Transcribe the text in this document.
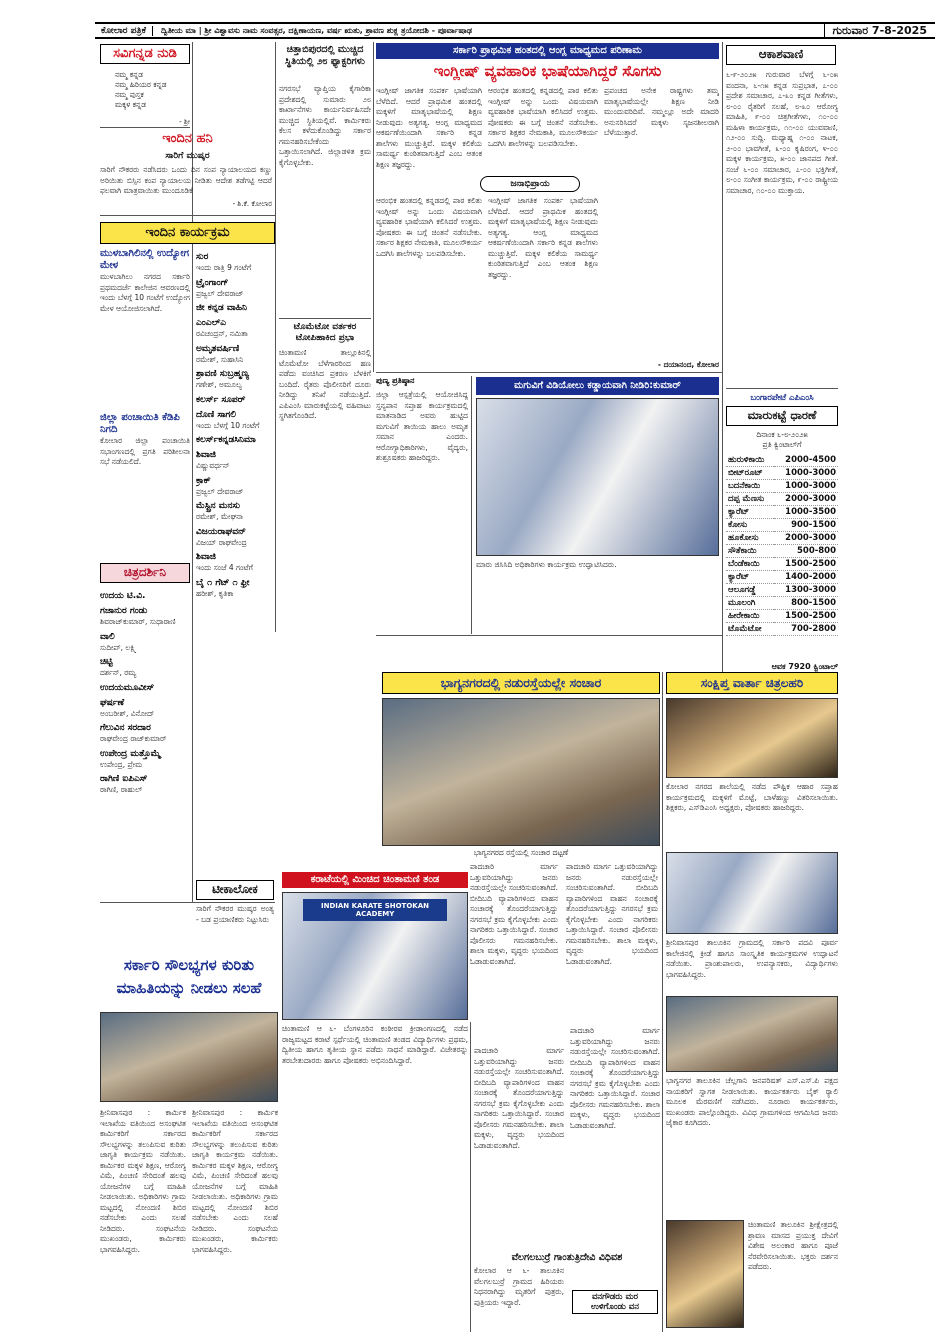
ಕೋಲಾರ ಪತ್ರಿಕೆ	ದ್ವಿತೀಯ ಮಾ | ಶ್ರೀ ವಿಶ್ವಾವಸು ನಾಮ ಸಂವತ್ಸರ, ದಕ್ಷಿಣಾಯಣ, ವರ್ಷ ಋತು, ಶ್ರಾವಣ ಶುಕ್ಲ ತ್ರಯೋದಶಿ - ಪೂರ್ವಾಷಾಢ	ಗುರುವಾರ 7-8-2025
ಸವಿಗನ್ನಡ ನುಡಿ
ನಮ್ಮ ಕನ್ನಡ
ನಮ್ಮ ಹಿರಿಯರ ಕನ್ನಡ
ನಮ್ಮ ಪುಸ್ತಕ
ಮಕ್ಕಳ ಕನ್ನಡ
- ಶ್ರೀ
ಇಂದಿನ ಹನಿ
ಸಾರಿಗೆ ಮುಷ್ಕರ
ಸಾರಿಗೆ ನೌಕರರು ನಡೆಸಿದರು ಒಂದು ದಿನ ಸಂಪ ನ್ಯಾಯಾಲಯದ ಕಣ್ಣು ಅರಿಯಿತು ಬಿಸ್ಸಿನ ಕಂಪ ನ್ಯಾಯಾಲಯ ನೀಡಿತು ಆದೇಶ ತಡೆಗಟ್ಟಿ ಆದರೆ ಫಲವಾಗಿ ಮಾತ್ರವಾಯಿತು ಮುಂದೂಡಿಕೆ
- ಶಿ.ಕೆ. ಕೋಲಾರ
ಇಂದಿನ ಕಾರ್ಯಕ್ರಮ
ಮುಳಬಾಗಿಲಿನಲ್ಲಿ ಉದ್ಯೋಗ ಮೇಳ
ಮುಳಬಾಗಿಲು ನಗರದ ಸರ್ಕಾರಿ ಪ್ರಥಮದರ್ಜೆ ಕಾಲೇಜಿನ ಆವರಣದಲ್ಲಿ ಇಂದು ಬೆಳಗ್ಗೆ 10 ಗಂಟೆಗೆ ಉದ್ಯೋಗ ಮೇಳ ಆಯೋಜಿಸಲಾಗಿದೆ.
ಜಿಲ್ಲಾ ಪಂಚಾಯಿತಿ ಕೆಡಿಪಿ ನಿಗದಿ
ಕೋಲಾರ ಜಿಲ್ಲಾ ಪಂಚಾಯಿತಿ ಸಭಾಂಗಣದಲ್ಲಿ ಪ್ರಗತಿ ಪರಿಶೀಲನಾ ಸಭೆ ನಡೆಯಲಿದೆ.
ಚಿತ್ರದರ್ಶಿನಿ
ಉದಯ ಟಿ.ವಿ.
ಗಜಾನುರ ಗಂಡು
ಶಿವರಾಜ್‌ಕುಮಾರ್, ಸುಧಾರಾಣಿ
ವಾಲಿ
ಸುದೀಪ್, ಲಕ್ಷ್ಮಿ
ಚಿಟ್ಟಿ
ದರ್ಶನ್, ರಮ್ಯ
ಉದಯಮೂವೀಸ್
ಘರ್ಷಣೆ
ಅಂಬರೀಶ್, ವಿನೋದ್
ಗೆಲುವಿನ ಸರದಾರ
ರಾಘವೇಂದ್ರ ರಾಜ್‌ಕುಮಾರ್
ಉಪೇಂದ್ರ ಮತ್ತೊಮ್ಮೆ
ಉಪೇಂದ್ರ, ಪ್ರೇಮ
ರಾಗಿಣಿ ಐಪಿಎಸ್
ರಾಗಿಣಿ, ರಾಹುಲ್
ಸುರ
ಇಂದು ರಾತ್ರಿ 9 ಗಂಟೆಗೆ
ಟ್ರೈಂಗಾಂಗ್
ಪ್ರಜ್ವಲ್ ದೇವರಾಜ್
ಜೀ ಕನ್ನಡ ವಾಹಿನಿ
ಎಂಎಲ್‌ಎ
ರವಿಚಂದ್ರನ್, ನಮಿತಾ
ಅಮೃತವರ್ಷಿಣಿ
ರಮೇಶ್, ಸುಹಾಸಿನಿ
ಶ್ರಾವಣಿ ಸುಬ್ರಹ್ಮಣ್ಯ
ಗಣೇಶ್, ಅಮೂಲ್ಯ
ಕಲರ್ಸ್ ಸೂಪರ್
ದೊಣಿ ಸಾಗಲಿ
ಇಂದು ಬೆಳಗ್ಗೆ 10 ಗಂಟೆಗೆ
ಕಲರ್ಸ್‌ಕನ್ನಡಸಿನಿಮಾ
ಶಿವಾಜಿ
ವಿಷ್ಣುವರ್ಧನ್
ಕ್ರಾಕ್
ಪ್ರಜ್ವಲ್ ದೇವರಾಜ್
ಮೆಸ್ಟ್ರಿನ ಮನಸು
ರಮೇಶ್, ಮೇಘನಾ
ವಿಜಯರಾಘವನ್
ವಿಜಯ್ ರಾಘವೇಂದ್ರ
ಶಿವಾಜಿ
ಇಂದು ಸಂಜೆ 4 ಗಂಟೆಗೆ
ಬೈ ೧ ಗೆಟ್ ೧ ಫ್ರೀ
ಹರೀಶ್, ಕೃತಿಕಾ
ಟೀಕಾಲೋಕ
ಸಾರಿಗೆ ನೌಕರರ ಮುಷ್ಕರ ಅಂತ್ಯ - ಬಡ ಪ್ರಯಾಣಿಕರು ನಿಟ್ಟುಸಿರು
ಚಿತ್ತಾಬಿಪುರದಲ್ಲಿ ಮುಚ್ಚಿದ ಸ್ಥಿತಿಯಲ್ಲಿ ೨೮ ಫ್ಯಾಕ್ಟರಿಗಳು
ನಗರಸಭೆ ವ್ಯಾಪ್ತಿಯ ಕೈಗಾರಿಕಾ ಪ್ರದೇಶದಲ್ಲಿ ಸುಮಾರು ೨೮ ಕಾರ್ಖಾನೆಗಳು ಕಾರ್ಯನಿರ್ವಹಿಸದೇ ಮುಚ್ಚಿದ ಸ್ಥಿತಿಯಲ್ಲಿವೆ. ಕಾರ್ಮಿಕರು ಕೆಲಸ ಕಳೆದುಕೊಂಡಿದ್ದು ಸರ್ಕಾರ ಗಮನಹರಿಸಬೇಕೆಂದು ಒತ್ತಾಯಿಸಲಾಗಿದೆ. ಜಿಲ್ಲಾಡಳಿತ ಕ್ರಮ ಕೈಗೊಳ್ಳಬೇಕು.
ಟೊಮೆಟೋ ವರ್ತಕರ ಟೋಪಿಹಾಕಿದ ಪ್ರಭಾ
ಚಿಂತಾಮಣಿ ತಾಲ್ಲೂಕಿನಲ್ಲಿ ಟೊಮೆಟೋ ಬೆಳೆಗಾರರಿಂದ ಹಣ ಪಡೆದು ವಂಚಿಸಿದ ಪ್ರಕರಣ ಬೆಳಕಿಗೆ ಬಂದಿದೆ. ರೈತರು ಪೊಲೀಸರಿಗೆ ದೂರು ನೀಡಿದ್ದು ತನಿಖೆ ನಡೆಯುತ್ತಿದೆ. ಎಪಿಎಂಸಿ ಮಾರುಕಟ್ಟೆಯಲ್ಲಿ ವಹಿವಾಟು ಸ್ಥಗಿತಗೊಂಡಿದೆ.
ಸರ್ಕಾರಿ ಪ್ರಾಥಮಿಕ ಹಂತದಲ್ಲಿ ಆಂಗ್ಲ ಮಾಧ್ಯಮದ ಪರಿಣಾಮ
ಇಂಗ್ಲೀಷ್ ವ್ಯವಹಾರಿಕ ಭಾಷೆಯಾಗಿದ್ದರೆ ಸೊಗಸು
ಇಂಗ್ಲೀಷ್ ಜಾಗತಿಕ ಸಂಪರ್ಕ ಭಾಷೆಯಾಗಿ ಬೆಳೆದಿದೆ. ಆದರೆ ಪ್ರಾಥಮಿಕ ಹಂತದಲ್ಲಿ ಮಕ್ಕಳಿಗೆ ಮಾತೃಭಾಷೆಯಲ್ಲಿ ಶಿಕ್ಷಣ ನೀಡುವುದು ಅತ್ಯಗತ್ಯ. ಆಂಗ್ಲ ಮಾಧ್ಯಮದ ಆಕರ್ಷಣೆಯಿಂದಾಗಿ ಸರ್ಕಾರಿ ಕನ್ನಡ ಶಾಲೆಗಳು ಮುಚ್ಚುತ್ತಿವೆ. ಮಕ್ಕಳ ಕಲಿಕೆಯ ಸಾಮರ್ಥ್ಯ ಕುಂಠಿತವಾಗುತ್ತಿದೆ ಎಂಬ ಆತಂಕ ಶಿಕ್ಷಣ ತಜ್ಞರದ್ದು.
ಜನಾಭಿಪ್ರಾಯ
ಆರಂಭಿಕ ಹಂತದಲ್ಲಿ ಕನ್ನಡದಲ್ಲಿ ಪಾಠ ಕಲಿತು ಇಂಗ್ಲೀಷ್ ಅನ್ನು ಒಂದು ವಿಷಯವಾಗಿ ವ್ಯವಹಾರಿಕ ಭಾಷೆಯಾಗಿ ಕಲಿಸಿದರೆ ಉತ್ತಮ. ಪೋಷಕರು ಈ ಬಗ್ಗೆ ಚಿಂತನೆ ನಡೆಸಬೇಕು. ಸರ್ಕಾರ ಶಿಕ್ಷಕರ ನೇಮಕಾತಿ, ಮೂಲಸೌಕರ್ಯ ಒದಗಿಸಿ ಶಾಲೆಗಳನ್ನು ಬಲಪಡಿಸಬೇಕು.
ಆರಂಭಿಕ ಹಂತದಲ್ಲಿ ಕನ್ನಡದಲ್ಲಿ ಪಾಠ ಕಲಿತು ಇಂಗ್ಲೀಷ್ ಅನ್ನು ಒಂದು ವಿಷಯವಾಗಿ ವ್ಯವಹಾರಿಕ ಭಾಷೆಯಾಗಿ ಕಲಿಸಿದರೆ ಉತ್ತಮ. ಪೋಷಕರು ಈ ಬಗ್ಗೆ ಚಿಂತನೆ ನಡೆಸಬೇಕು. ಸರ್ಕಾರ ಶಿಕ್ಷಕರ ನೇಮಕಾತಿ, ಮೂಲಸೌಕರ್ಯ ಒದಗಿಸಿ ಶಾಲೆಗಳನ್ನು ಬಲಪಡಿಸಬೇಕು.
ಇಂಗ್ಲೀಷ್ ಜಾಗತಿಕ ಸಂಪರ್ಕ ಭಾಷೆಯಾಗಿ ಬೆಳೆದಿದೆ. ಆದರೆ ಪ್ರಾಥಮಿಕ ಹಂತದಲ್ಲಿ ಮಕ್ಕಳಿಗೆ ಮಾತೃಭಾಷೆಯಲ್ಲಿ ಶಿಕ್ಷಣ ನೀಡುವುದು ಅತ್ಯಗತ್ಯ. ಆಂಗ್ಲ ಮಾಧ್ಯಮದ ಆಕರ್ಷಣೆಯಿಂದಾಗಿ ಸರ್ಕಾರಿ ಕನ್ನಡ ಶಾಲೆಗಳು ಮುಚ್ಚುತ್ತಿವೆ. ಮಕ್ಕಳ ಕಲಿಕೆಯ ಸಾಮರ್ಥ್ಯ ಕುಂಠಿತವಾಗುತ್ತಿದೆ ಎಂಬ ಆತಂಕ ಶಿಕ್ಷಣ ತಜ್ಞರದ್ದು.
ಪ್ರಪಂಚದ ಅನೇಕ ರಾಷ್ಟ್ರಗಳು ತಮ್ಮ ಮಾತೃಭಾಷೆಯಲ್ಲೇ ಶಿಕ್ಷಣ ನೀಡಿ ಮುಂದುವರಿದಿವೆ. ನಮ್ಮಲ್ಲೂ ಅದೇ ಮಾದರಿ ಅನುಸರಿಸಿದರೆ ಮಕ್ಕಳು ಸೃಜನಶೀಲರಾಗಿ ಬೆಳೆಯುತ್ತಾರೆ.
- ದಯಾನಂದ, ಕೋಲಾರ
ಪುಣ್ಯ ಪ್ರತಿಷ್ಠಾನ
ಜಿಲ್ಲಾ ಆಸ್ಪತ್ರೆಯಲ್ಲಿ ಆಯೋಜಿಸಿದ್ದ ಸ್ತನ್ಯಪಾನ ಸಪ್ತಾಹ ಕಾರ್ಯಕ್ರಮದಲ್ಲಿ ಮಾತನಾಡಿದ ಅವರು ಹುಟ್ಟಿದ ಮಗುವಿಗೆ ತಾಯಿಯ ಹಾಲು ಅಮೃತ ಸಮಾನ ಎಂದರು. ಆರೋಗ್ಯಾಧಿಕಾರಿಗಳು, ವೈದ್ಯರು, ಶುಶ್ರೂಷಕರು ಹಾಜರಿದ್ದರು.
ಮಗುವಿಗೆ ವಿಡಿಯೋಲು ಕಡ್ಡಾಯವಾಗಿ ನೀಡಿರಿ:ಕುಮಾರ್
ಮಾರು ಜಿಸಿಸಿದಿ ಅಧಿಕಾರಿಗಳು ಕಾರ್ಯಕ್ರಮ ಉದ್ಘಾಟಿಸಿದರು.
ಭಾಗ್ಯನಗರದಲ್ಲಿ ನಡುರಸ್ತೆಯಲ್ಲೇ ಸಂಚಾರ
ಭಾಗ್ಯನಗರದ ರಸ್ತೆಯಲ್ಲಿ ಸಂಚಾರ ದಟ್ಟಣೆ
ಪಾದಚಾರಿ ಮಾರ್ಗ ಒತ್ತುವರಿಯಾಗಿದ್ದು ಜನರು ನಡುರಸ್ತೆಯಲ್ಲೇ ಸಂಚರಿಸುವಂತಾಗಿದೆ. ಬೀದಿಬದಿ ವ್ಯಾಪಾರಿಗಳಿಂದ ವಾಹನ ಸಂಚಾರಕ್ಕೆ ತೊಂದರೆಯಾಗುತ್ತಿದ್ದು ನಗರಸಭೆ ಕ್ರಮ ಕೈಗೊಳ್ಳಬೇಕು ಎಂದು ನಾಗರಿಕರು ಒತ್ತಾಯಿಸಿದ್ದಾರೆ. ಸಂಚಾರ ಪೊಲೀಸರು ಗಮನಹರಿಸಬೇಕು. ಶಾಲಾ ಮಕ್ಕಳು, ವೃದ್ಧರು ಭಯದಿಂದ ಓಡಾಡುವಂತಾಗಿದೆ.
ಪಾದಚಾರಿ ಮಾರ್ಗ ಒತ್ತುವರಿಯಾಗಿದ್ದು ಜನರು ನಡುರಸ್ತೆಯಲ್ಲೇ ಸಂಚರಿಸುವಂತಾಗಿದೆ. ಬೀದಿಬದಿ ವ್ಯಾಪಾರಿಗಳಿಂದ ವಾಹನ ಸಂಚಾರಕ್ಕೆ ತೊಂದರೆಯಾಗುತ್ತಿದ್ದು ನಗರಸಭೆ ಕ್ರಮ ಕೈಗೊಳ್ಳಬೇಕು ಎಂದು ನಾಗರಿಕರು ಒತ್ತಾಯಿಸಿದ್ದಾರೆ. ಸಂಚಾರ ಪೊಲೀಸರು ಗಮನಹರಿಸಬೇಕು. ಶಾಲಾ ಮಕ್ಕಳು, ವೃದ್ಧರು ಭಯದಿಂದ ಓಡಾಡುವಂತಾಗಿದೆ.
ಕರಾಟೆಯಲ್ಲಿ ಮಿಂಚಿದ ಚಿಂತಾಮಣಿ ತಂಡ
INDIAN KARATE SHOTOKAN ACADEMY
ಚಿಂತಾಮಣಿ ಆ ೬- ಬೆಂಗಳೂರಿನ ಕಂಠೀರವ ಕ್ರೀಡಾಂಗಣದಲ್ಲಿ ನಡೆದ ರಾಜ್ಯಮಟ್ಟದ ಕರಾಟೆ ಸ್ಪರ್ಧೆಯಲ್ಲಿ ಚಿಂತಾಮಣಿ ತಂಡದ ವಿದ್ಯಾರ್ಥಿಗಳು ಪ್ರಥಮ, ದ್ವಿತೀಯ ಹಾಗೂ ತೃತೀಯ ಸ್ಥಾನ ಪಡೆದು ಸಾಧನೆ ಮಾಡಿದ್ದಾರೆ. ವಿಜೇತರನ್ನು ತರಬೇತುದಾರರು ಹಾಗೂ ಪೋಷಕರು ಅಭಿನಂದಿಸಿದ್ದಾರೆ.
ಪಾದಚಾರಿ ಮಾರ್ಗ ಒತ್ತುವರಿಯಾಗಿದ್ದು ಜನರು ನಡುರಸ್ತೆಯಲ್ಲೇ ಸಂಚರಿಸುವಂತಾಗಿದೆ. ಬೀದಿಬದಿ ವ್ಯಾಪಾರಿಗಳಿಂದ ವಾಹನ ಸಂಚಾರಕ್ಕೆ ತೊಂದರೆಯಾಗುತ್ತಿದ್ದು ನಗರಸಭೆ ಕ್ರಮ ಕೈಗೊಳ್ಳಬೇಕು ಎಂದು ನಾಗರಿಕರು ಒತ್ತಾಯಿಸಿದ್ದಾರೆ. ಸಂಚಾರ ಪೊಲೀಸರು ಗಮನಹರಿಸಬೇಕು. ಶಾಲಾ ಮಕ್ಕಳು, ವೃದ್ಧರು ಭಯದಿಂದ ಓಡಾಡುವಂತಾಗಿದೆ.
ಪಾದಚಾರಿ ಮಾರ್ಗ ಒತ್ತುವರಿಯಾಗಿದ್ದು ಜನರು ನಡುರಸ್ತೆಯಲ್ಲೇ ಸಂಚರಿಸುವಂತಾಗಿದೆ. ಬೀದಿಬದಿ ವ್ಯಾಪಾರಿಗಳಿಂದ ವಾಹನ ಸಂಚಾರಕ್ಕೆ ತೊಂದರೆಯಾಗುತ್ತಿದ್ದು ನಗರಸಭೆ ಕ್ರಮ ಕೈಗೊಳ್ಳಬೇಕು ಎಂದು ನಾಗರಿಕರು ಒತ್ತಾಯಿಸಿದ್ದಾರೆ. ಸಂಚಾರ ಪೊಲೀಸರು ಗಮನಹರಿಸಬೇಕು. ಶಾಲಾ ಮಕ್ಕಳು, ವೃದ್ಧರು ಭಯದಿಂದ ಓಡಾಡುವಂತಾಗಿದೆ.
ವೆಲಗಲಬುರ್ರೆ ಗಾಂತುತ್ರಿದೇವಿ ವಿಧಿವಶ
ಕೋಲಾರ ಆ ೬- ತಾಲೂಕಿನ ವೆಲಗಲಬುರ್ರೆ ಗ್ರಾಮದ ಹಿರಿಯರು ನಿಧನರಾಗಿದ್ದು ಮೃತರಿಗೆ ಪುತ್ರರು, ಪುತ್ರಿಯರು ಇದ್ದಾರೆ.	ವನಗೌಡರು ಮರ ಉಳಿಗೊಂಡು ವನ
ಸರ್ಕಾರಿ ಸೌಲಭ್ಯಗಳ ಕುರಿತು ಮಾಹಿತಿಯನ್ನು ನೀಡಲು ಸಲಹೆ
ಶ್ರೀನಿವಾಸಪುರ : ಕಾರ್ಮಿಕ ಇಲಾಖೆಯ ವತಿಯಿಂದ ಅಸಂಘಟಿತ ಕಾರ್ಮಿಕರಿಗೆ ಸರ್ಕಾರದ ಸೌಲಭ್ಯಗಳನ್ನು ತಲುಪಿಸುವ ಕುರಿತು ಜಾಗೃತಿ ಕಾರ್ಯಕ್ರಮ ನಡೆಯಿತು. ಕಾರ್ಮಿಕರ ಮಕ್ಕಳ ಶಿಕ್ಷಣ, ಆರೋಗ್ಯ ವಿಮೆ, ಪಿಂಚಣಿ ಸೇರಿದಂತೆ ಹಲವು ಯೋಜನೆಗಳ ಬಗ್ಗೆ ಮಾಹಿತಿ ನೀಡಲಾಯಿತು. ಅಧಿಕಾರಿಗಳು ಗ್ರಾಮ ಮಟ್ಟದಲ್ಲಿ ನೋಂದಣಿ ಶಿಬಿರ ನಡೆಸಬೇಕು ಎಂದು ಸಲಹೆ ನೀಡಿದರು. ಸಂಘಟನೆಯ ಮುಖಂಡರು, ಕಾರ್ಮಿಕರು ಭಾಗವಹಿಸಿದ್ದರು.
ಶ್ರೀನಿವಾಸಪುರ : ಕಾರ್ಮಿಕ ಇಲಾಖೆಯ ವತಿಯಿಂದ ಅಸಂಘಟಿತ ಕಾರ್ಮಿಕರಿಗೆ ಸರ್ಕಾರದ ಸೌಲಭ್ಯಗಳನ್ನು ತಲುಪಿಸುವ ಕುರಿತು ಜಾಗೃತಿ ಕಾರ್ಯಕ್ರಮ ನಡೆಯಿತು. ಕಾರ್ಮಿಕರ ಮಕ್ಕಳ ಶಿಕ್ಷಣ, ಆರೋಗ್ಯ ವಿಮೆ, ಪಿಂಚಣಿ ಸೇರಿದಂತೆ ಹಲವು ಯೋಜನೆಗಳ ಬಗ್ಗೆ ಮಾಹಿತಿ ನೀಡಲಾಯಿತು. ಅಧಿಕಾರಿಗಳು ಗ್ರಾಮ ಮಟ್ಟದಲ್ಲಿ ನೋಂದಣಿ ಶಿಬಿರ ನಡೆಸಬೇಕು ಎಂದು ಸಲಹೆ ನೀಡಿದರು. ಸಂಘಟನೆಯ ಮುಖಂಡರು, ಕಾರ್ಮಿಕರು ಭಾಗವಹಿಸಿದ್ದರು.
ಆಕಾಶವಾಣಿ
೬-೯-೨೦೨೫ ಗುರುವಾರ ಬೆಳಗ್ಗೆ ೬-೦೫ ವಂದನಾ, ೬-೧೫ ಕನ್ನಡ ಸುಪ್ರಭಾತ, ೭-೦೦ ಪ್ರದೇಶ ಸಮಾಚಾರ, ೭-೩೦ ಕನ್ನಡ ಗೀತೆಗಳು, ೮-೦೦ ರೈತರಿಗೆ ಸಲಹೆ, ೮-೩೦ ಆರೋಗ್ಯ ಮಾಹಿತಿ, ೯-೦೦ ಚಿತ್ರಗೀತೆಗಳು, ೧೦-೦೦ ಮಹಿಳಾ ಕಾರ್ಯಕ್ರಮ, ೧೧-೦೦ ಯುವವಾಣಿ, ೧೨-೦೦ ಸುದ್ದಿ. ಮಧ್ಯಾಹ್ನ ೧-೦೦ ನಾಟಕ, ೨-೦೦ ಭಾವಗೀತೆ, ೩-೦೦ ಕೃಷಿರಂಗ, ೪-೦೦ ಮಕ್ಕಳ ಕಾರ್ಯಕ್ರಮ, ೫-೦೦ ಜಾನಪದ ಗೀತೆ. ಸಂಜೆ ೬-೦೦ ಸಮಾಚಾರ, ೭-೦೦ ಭಕ್ತಿಗೀತೆ, ೮-೦೦ ಸಂಗೀತ ಕಾರ್ಯಕ್ರಮ, ೯-೦೦ ರಾಷ್ಟ್ರೀಯ ಸಮಾಚಾರ, ೧೦-೦೦ ಮುಕ್ತಾಯ.
ಬಂಗಾರಪೇಟೆ ಎಪಿಎಂಸಿ
ಮಾರುಕಟ್ಟೆ ಧಾರಣೆ
ದಿನಾಂಕ ೬-೮-೨೦೨೫
ಪ್ರತಿ ಕ್ವಿಂಟಾಲ್‌ಗೆ
ಹುರುಳಿಕಾಯಿ	2000-4500
ಬೀಟ್‌ರೂಟ್	1000-3000
ಬದನೆಕಾಯಿ	1000-3000
ದಪ್ಪ ಮೆಣಸು	2000-3000
ಕ್ಯಾರೆಟ್	1000-3500
ಕೋಸು	900-1500
ಹೂಕೋಸು	2000-3000
ಸೌತೆಕಾಯಿ	500-800
ಬೆಂಡೆಕಾಯಿ	1500-2500
ಕ್ಯಾರೆಟ್	1400-2000
ಆಲೂಗಡ್ಡೆ	1300-3000
ಮೂಲಂಗಿ	800-1500
ಹೀರೇಕಾಯಿ	1500-2500
ಟೊಮೆಟೋ	700-2800
ಆವಕ 7920 ಕ್ವಿಂಟಾಲ್
ಸಂಕ್ಷಿಪ್ತ ವಾರ್ತಾ ಚಿತ್ರಲಹರಿ
ಕೋಲಾರ ನಗರದ ಶಾಲೆಯಲ್ಲಿ ನಡೆದ ಪೌಷ್ಟಿಕ ಆಹಾರ ಸಪ್ತಾಹ ಕಾರ್ಯಕ್ರಮದಲ್ಲಿ ಮಕ್ಕಳಿಗೆ ಮೊಟ್ಟೆ, ಬಾಳೆಹಣ್ಣು ವಿತರಿಸಲಾಯಿತು. ಶಿಕ್ಷಕರು, ಎಸ್‌ಡಿಎಂಸಿ ಅಧ್ಯಕ್ಷರು, ಪೋಷಕರು ಹಾಜರಿದ್ದರು.
ಶ್ರೀನಿವಾಸಪುರ ತಾಲೂಕಿನ ಗ್ರಾಮದಲ್ಲಿ ಸರ್ಕಾರಿ ಪದವಿ ಪೂರ್ವ ಕಾಲೇಜಿನಲ್ಲಿ ಕ್ರೀಡೆ ಹಾಗೂ ಸಾಂಸ್ಕೃತಿಕ ಕಾರ್ಯಕ್ರಮಗಳ ಉದ್ಘಾಟನೆ ನಡೆಯಿತು. ಪ್ರಾಂಶುಪಾಲರು, ಉಪನ್ಯಾಸಕರು, ವಿದ್ಯಾರ್ಥಿಗಳು ಭಾಗವಹಿಸಿದ್ದರು.
ಭಾಗ್ಯನಗರ ತಾಲೂಕಿನ ಚೆಲ್ಲಗಾನಿ ಜನಪರಿಷತ್ ಎಸ್.ಎಸ್.ಪಿ ಪಕ್ಷದ ನಾಯಕರಿಗೆ ಸ್ವಾಗತ ನೀಡಲಾಯಿತು. ಕಾರ್ಯಕರ್ತರು ಬೈಕ್ ರ‍್ಯಾಲಿ ಮೂಲಕ ಮೆರವಣಿಗೆ ನಡೆಸಿದರು. ನೂರಾರು ಕಾರ್ಯಕರ್ತರು, ಮುಖಂಡರು ಪಾಲ್ಗೊಂಡಿದ್ದರು. ವಿವಿಧ ಗ್ರಾಮಗಳಿಂದ ಆಗಮಿಸಿದ ಜನರು ಜೈಕಾರ ಕೂಗಿದರು.
ಚಿಂತಾಮಣಿ ತಾಲೂಕಿನ ಶ್ರೀಕ್ಷೇತ್ರದಲ್ಲಿ ಶ್ರಾವಣ ಮಾಸದ ಪ್ರಯುಕ್ತ ದೇವಿಗೆ ವಿಶೇಷ ಅಲಂಕಾರ ಹಾಗೂ ಪೂಜೆ ನೆರವೇರಿಸಲಾಯಿತು. ಭಕ್ತರು ದರ್ಶನ ಪಡೆದರು.
